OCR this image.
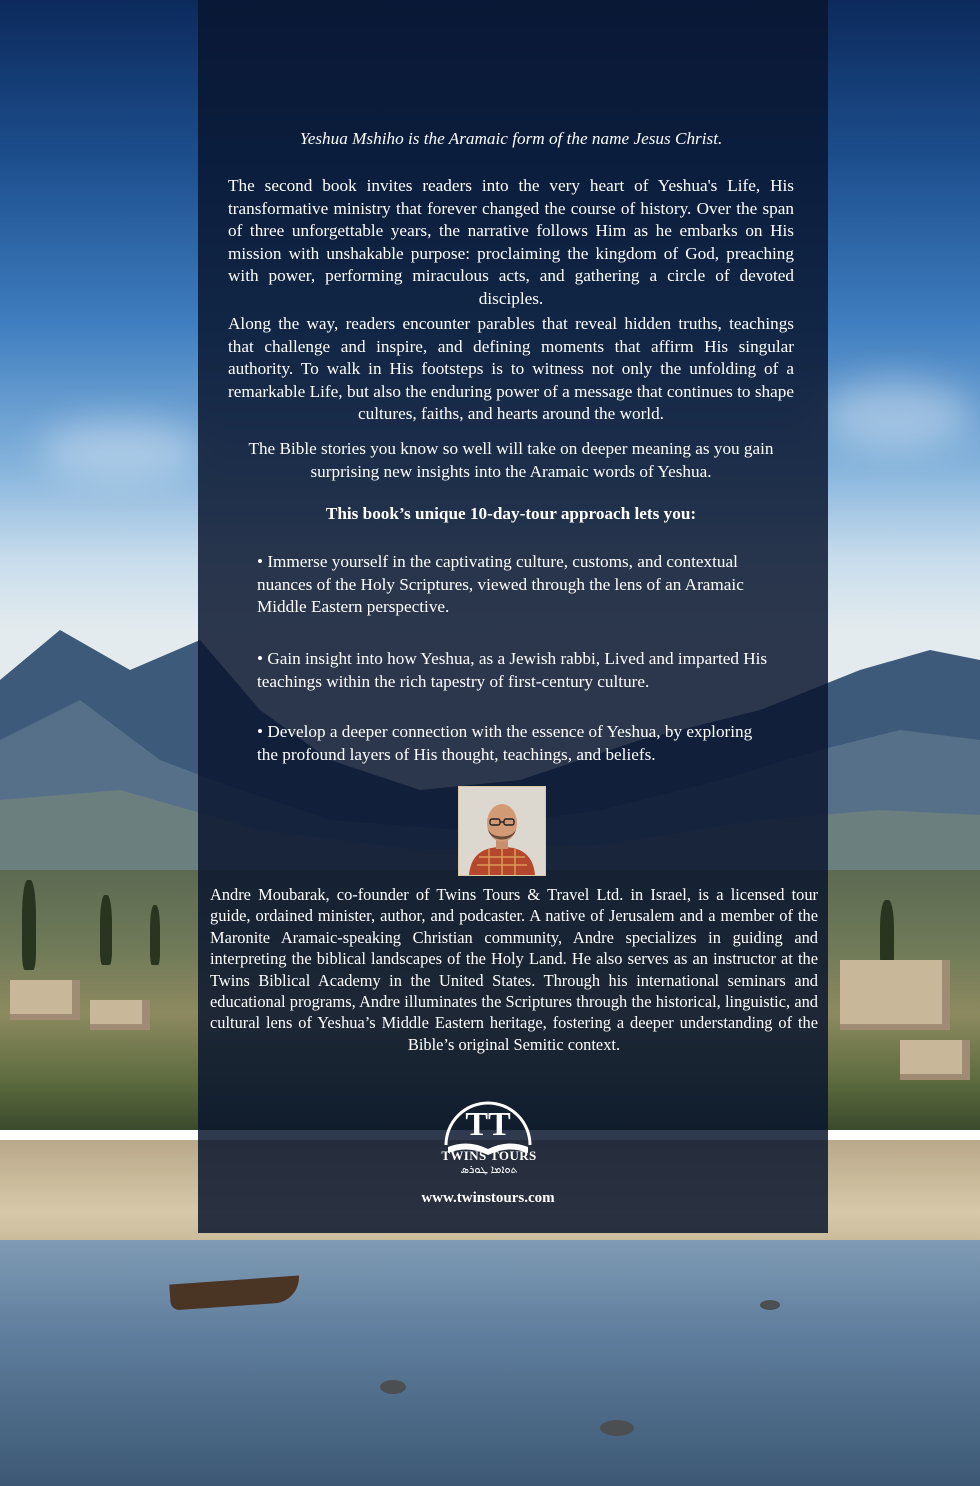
Yeshua Mshiho is the Aramaic form of the name Jesus Christ.

The second book invites readers into the very heart of Yeshua's Life, His transformative ministry that forever changed the course of history. Over the span of three unforgettable years, the narrative follows Him as he embarks on His mission with unshakable purpose: proclaiming the kingdom of God, preaching with power, performing miraculous acts, and gathering a circle of devoted disciples.

Along the way, readers encounter parables that reveal hidden truths, teachings that challenge and inspire, and defining moments that affirm His singular authority. To walk in His footsteps is to witness not only the unfolding of a remarkable Life, but also the enduring power of a message that continues to shape cultures, faiths, and hearts around the world.

The Bible stories you know so well will take on deeper meaning as you gain surprising new insights into the Aramaic words of Yeshua.

This book’s unique 10-day-tour approach lets you:

• Immerse yourself in the captivating culture, customs, and contextual nuances of the Holy Scriptures, viewed through the lens of an Aramaic Middle Eastern perspective.

• Gain insight into how Yeshua, as a Jewish rabbi, Lived and imparted His teachings within the rich tapestry of first-century culture.

• Develop a deeper connection with the essence of Yeshua, by exploring the profound layers of His thought, teachings, and beliefs.

Andre Moubarak, co-founder of Twins Tours & Travel Ltd. in Israel, is a licensed tour guide, ordained minister, author, and podcaster. A native of Jerusalem and a member of the Maronite Aramaic-speaking Christian community, Andre specializes in guiding and interpreting the biblical landscapes of the Holy Land. He also serves as an instructor at the Twins Biblical Academy in the United States. Through his international seminars and educational programs, Andre illuminates the Scriptures through the historical, linguistic, and cultural lens of Yeshua’s Middle Eastern heritage, fostering a deeper understanding of the Bible’s original Semitic context.

TT
TWINS TOURS
ܬܘܐܡܐ ܛܘܪܣ
www.twinstours.com
